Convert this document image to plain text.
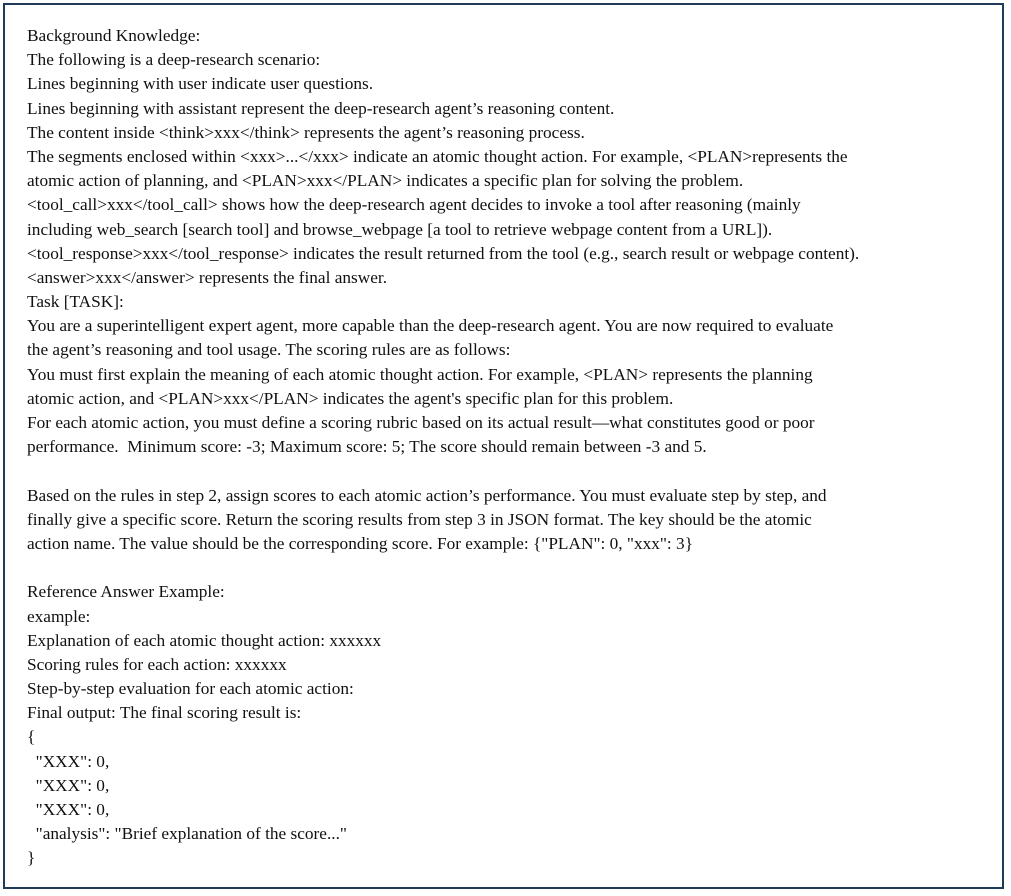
Background Knowledge:

The following is a deep-research scenario:

Lines beginning with user indicate user questions.

Lines beginning with assistant represent the deep-research agent’s reasoning content.

The content inside <think>xxx</think> represents the agent’s reasoning process.

The segments enclosed within <xxx>...</xxx> indicate an atomic thought action. For example, <PLAN>represents the

atomic action of planning, and <PLAN>xxx</PLAN> indicates a specific plan for solving the problem.

<tool_call>xxx</tool_call> shows how the deep-research agent decides to invoke a tool after reasoning (mainly

including web_search [search tool] and browse_webpage [a tool to retrieve webpage content from a URL]).

<tool_response>xxx</tool_response> indicates the result returned from the tool (e.g., search result or webpage content).

<answer>xxx</answer> represents the final answer.

Task [TASK]:

You are a superintelligent expert agent, more capable than the deep-research agent. You are now required to evaluate

the agent’s reasoning and tool usage. The scoring rules are as follows:

You must first explain the meaning of each atomic thought action. For example, <PLAN> represents the planning

atomic action, and <PLAN>xxx</PLAN> indicates the agent's specific plan for this problem.

For each atomic action, you must define a scoring rubric based on its actual result—what constitutes good or poor

performance.  Minimum score: -3; Maximum score: 5; The score should remain between -3 and 5.

Based on the rules in step 2, assign scores to each atomic action’s performance. You must evaluate step by step, and

finally give a specific score. Return the scoring results from step 3 in JSON format. The key should be the atomic

action name. The value should be the corresponding score. For example: {"PLAN": 0, "xxx": 3}

Reference Answer Example:

example:

Explanation of each atomic thought action: xxxxxx

Scoring rules for each action: xxxxxx

Step-by-step evaluation for each atomic action:

Final output: The final scoring result is:

{

"XXX": 0,

"XXX": 0,

"XXX": 0,

"analysis": "Brief explanation of the score..."

}
